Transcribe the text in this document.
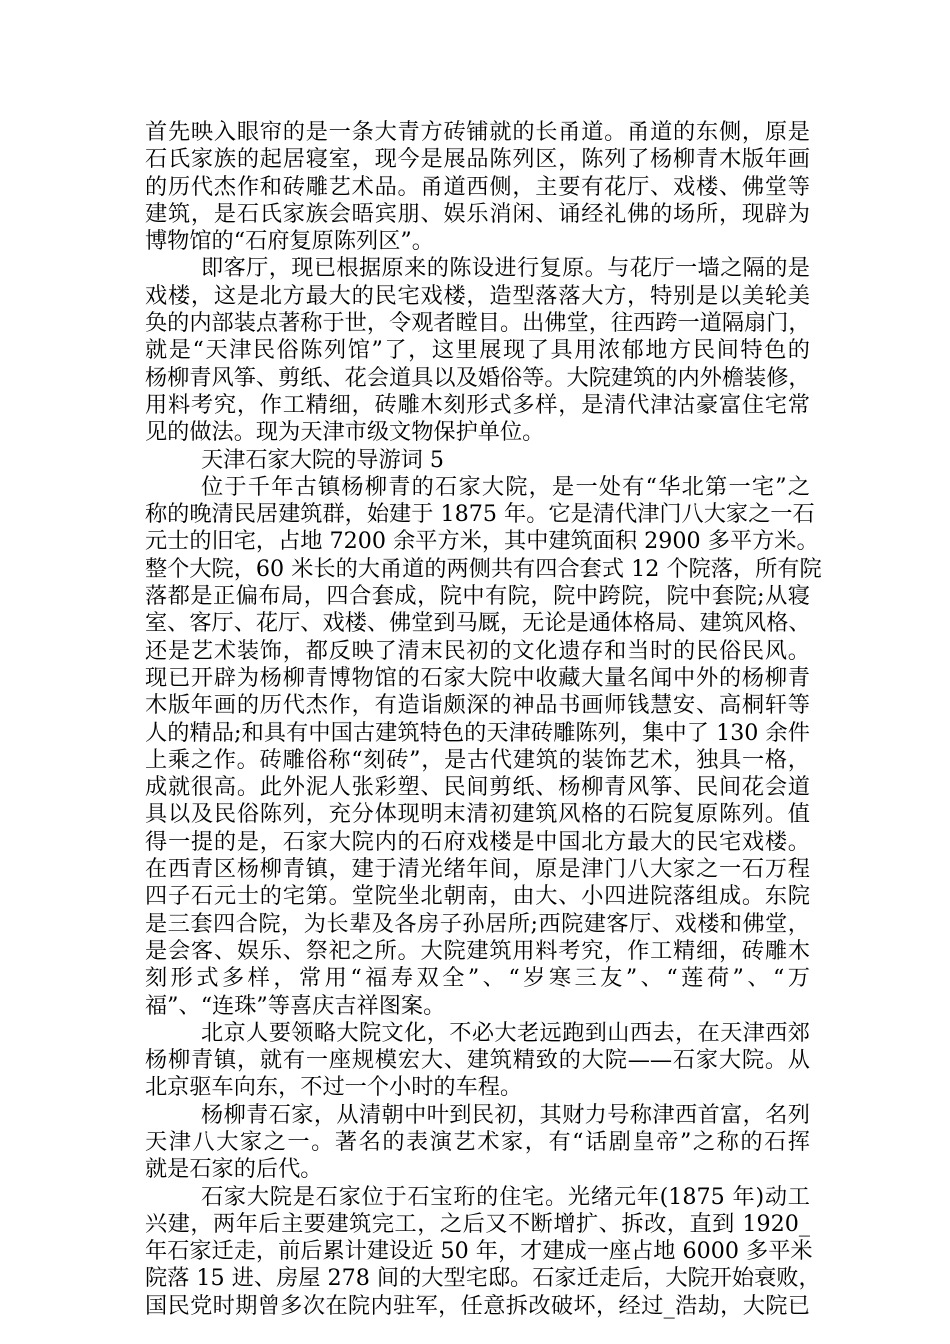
首先映入眼帘的是一条大青方砖铺就的长甬道。甬道的东侧，原是
石氏家族的起居寝室，现今是展品陈列区，陈列了杨柳青木版年画
的历代杰作和砖雕艺术品。甬道西侧，主要有花厅、戏楼、佛堂等
建筑，是石氏家族会晤宾朋、娱乐消闲、诵经礼佛的场所，现辟为
博物馆的“石府复原陈列区”。
即客厅，现已根据原来的陈设进行复原。与花厅一墙之隔的是
戏楼，这是北方最大的民宅戏楼，造型落落大方，特别是以美轮美
奂的内部装点著称于世，令观者瞠目。出佛堂，往西跨一道隔扇门，
就是“天津民俗陈列馆”了，这里展现了具用浓郁地方民间特色的
杨柳青风筝、剪纸、花会道具以及婚俗等。大院建筑的内外檐装修，
用料考究，作工精细，砖雕木刻形式多样，是清代津沽豪富住宅常
见的做法。现为天津市级文物保护单位。
天津石家大院的导游词 5
位于千年古镇杨柳青的石家大院，是一处有“华北第一宅”之
称的晚清民居建筑群，始建于 1875 年。它是清代津门八大家之一石
元士的旧宅，占地 7200 余平方米，其中建筑面积 2900 多平方米。
整个大院，60 米长的大甬道的两侧共有四合套式 12 个院落，所有院
落都是正偏布局，四合套成，院中有院，院中跨院，院中套院;从寝
室、客厅、花厅、戏楼、佛堂到马厩，无论是通体格局、建筑风格、
还是艺术装饰，都反映了清末民初的文化遗存和当时的民俗民风。
现已开辟为杨柳青博物馆的石家大院中收藏大量名闻中外的杨柳青
木版年画的历代杰作，有造诣颇深的神品书画师钱慧安、高桐轩等
人的精品;和具有中国古建筑特色的天津砖雕陈列，集中了 130 余件
上乘之作。砖雕俗称“刻砖”，是古代建筑的装饰艺术，独具一格，
成就很高。此外泥人张彩塑、民间剪纸、杨柳青风筝、民间花会道
具以及民俗陈列，充分体现明末清初建筑风格的石院复原陈列。值
得一提的是，石家大院内的石府戏楼是中国北方最大的民宅戏楼。
在西青区杨柳青镇，建于清光绪年间，原是津门八大家之一石万程
四子石元士的宅第。堂院坐北朝南，由大、小四进院落组成。东院
是三套四合院，为长辈及各房子孙居所;西院建客厅、戏楼和佛堂，
是会客、娱乐、祭祀之所。大院建筑用料考究，作工精细，砖雕木
刻形式多样，常用“福寿双全”、“岁寒三友”、“莲荷”、“万
福”、“连珠”等喜庆吉祥图案。
北京人要领略大院文化，不必大老远跑到山西去，在天津西郊
杨柳青镇，就有一座规模宏大、建筑精致的大院——石家大院。从
北京驱车向东，不过一个小时的车程。
杨柳青石家，从清朝中叶到民初，其财力号称津西首富，名列
天津八大家之一。著名的表演艺术家，有“话剧皇帝”之称的石挥
就是石家的后代。
石家大院是石家位于石宝珩的住宅。光绪元年(1875 年)动工
兴建，两年后主要建筑完工，之后又不断增扩、拆改，直到 1920_
年石家迁走，前后累计建设近 50 年，才建成一座占地 6000 多平米
院落 15 进、房屋 278 间的大型宅邸。石家迁走后，大院开始衰败，
国民党时期曾多次在院内驻军，任意拆改破坏，经过_浩劫，大院已
